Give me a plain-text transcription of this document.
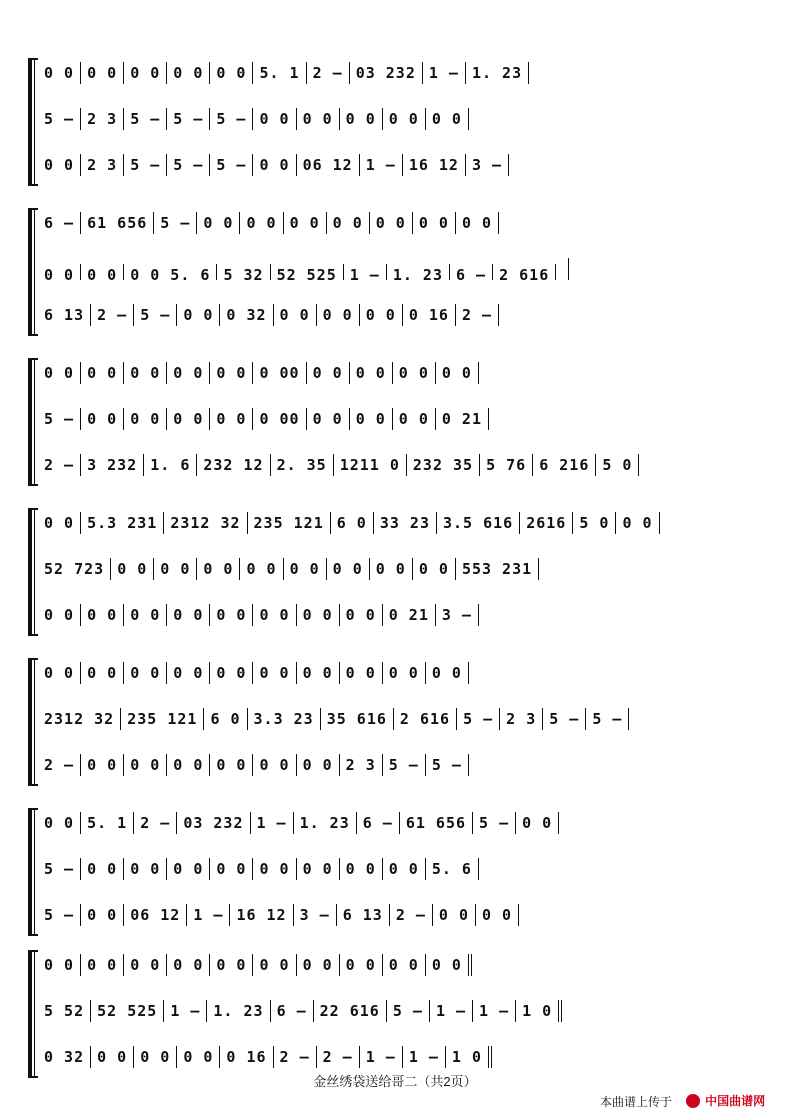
0 0 0 0 0 0 0 0 0 0 5. 1 2 – 03 232 1 – 1. 23
5 – 2 3 5 – 5 – 5 – 0 0 0 0 0 0 0 0 0 0
0 0 2 3 5 – 5 – 5 – 0 0 06 12 1 – 16 12 3 –
6 – 61 656 5 – 0 0 0 0 0 0 0 0 0 0 0 0 0 0
0 0 0 0 0 0 5. 6 5 32 52 525 1 – 1. 23 6 – 2 616
6 13 2 – 5 – 0 0 0 32 0 0 0 0 0 0 0 16 2 –
0 0 0 0 0 0 0 0 0 0 0 00 0 0 0 0 0 0 0 0
5 – 0 0 0 0 0 0 0 0 0 00 0 0 0 0 0 0 0 21
2 – 3 232 1. 6 232 12 2. 35 1211 0 232 35 5 76 6 216 5 0
0 0 5.3 231 2312 32 235 121 6 0 33 23 3.5 616 2616 5 0 0 0
52 723 0 0 0 0 0 0 0 0 0 0 0 0 0 0 0 0 553 231
0 0 0 0 0 0 0 0 0 0 0 0 0 0 0 0 0 21 3 –
0 0 0 0 0 0 0 0 0 0 0 0 0 0 0 0 0 0 0 0
2312 32 235 121 6 0 3.3 23 35 616 2 616 5 – 2 3 5 – 5 –
2 – 0 0 0 0 0 0 0 0 0 0 0 0 2 3 5 – 5 –
0 0 5. 1 2 – 03 232 1 – 1. 23 6 – 61 656 5 – 0 0
5 – 0 0 0 0 0 0 0 0 0 0 0 0 0 0 0 0 5. 6
5 – 0 0 06 12 1 – 16 12 3 – 6 13 2 – 0 0 0 0
0 0 0 0 0 0 0 0 0 0 0 0 0 0 0 0 0 0 0 0
5 52 52 525 1 – 1. 23 6 – 22 616 5 – 1 – 1 – 1 0
0 32 0 0 0 0 0 0 0 16 2 – 2 – 1 – 1 – 1 0
金丝绣袋送给哥二（共2页）
本曲谱上传于	中国曲谱网
